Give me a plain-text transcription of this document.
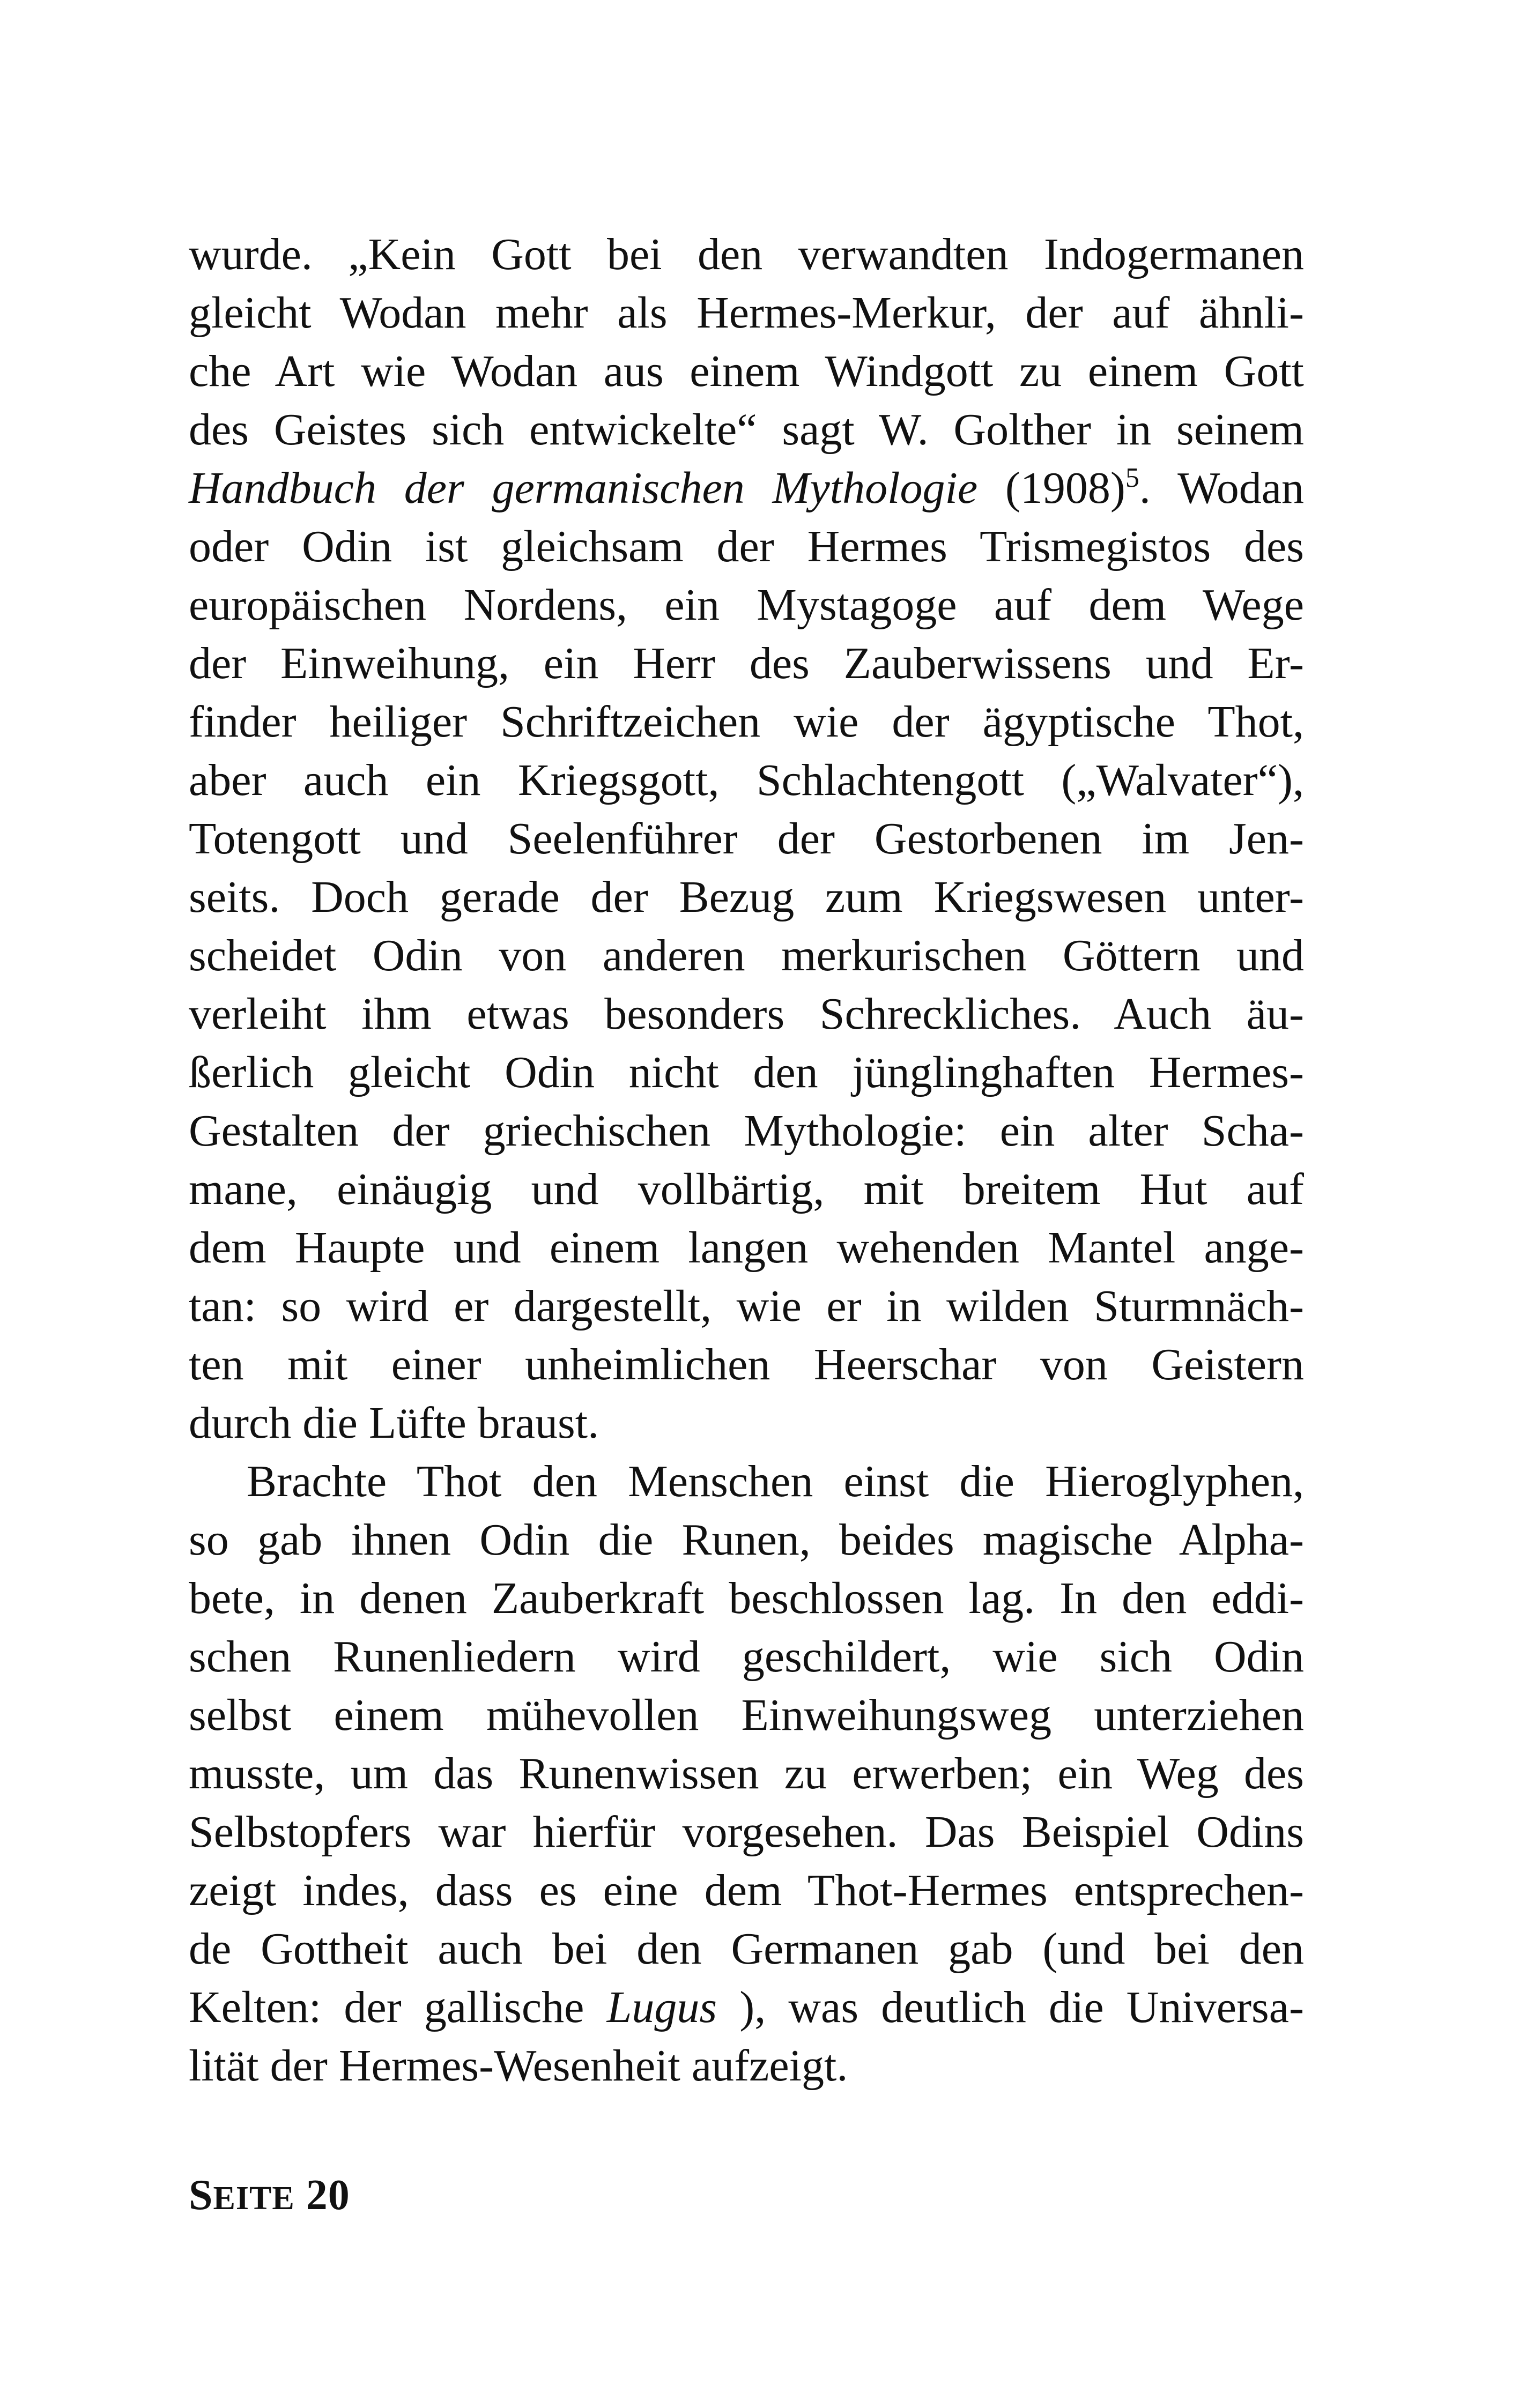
wurde. „Kein Gott bei den verwandten Indogermanen
gleicht Wodan mehr als Hermes-Merkur, der auf ähnli-
che Art wie Wodan aus einem Windgott zu einem Gott
des Geistes sich entwickelte“ sagt W. Golther in seinem
Handbuch der germanischen Mythologie $(1908)^5$. Wodan
oder Odin ist gleichsam der Hermes Trismegistos des
europäischen Nordens, ein Mystagoge auf dem Wege
der Einweihung, ein Herr des Zauberwissens und Er-
finder heiliger Schriftzeichen wie der ägyptische Thot,
aber auch ein Kriegsgott, Schlachtengott („Walvater“),
Totengott und Seelenführer der Gestorbenen im Jen-
seits. Doch gerade der Bezug zum Kriegswesen unter-
scheidet Odin von anderen merkurischen Göttern und
verleiht ihm etwas besonders Schreckliches. Auch äu-
ßerlich gleicht Odin nicht den jünglinghaften Hermes-
Gestalten der griechischen Mythologie: ein alter Scha-
mane, einäugig und vollbärtig, mit breitem Hut auf
dem Haupte und einem langen wehenden Mantel ange-
tan: so wird er dargestellt, wie er in wilden Sturmnäch-
ten mit einer unheimlichen Heerschar von Geistern
durch die Lüfte braust.
Brachte Thot den Menschen einst die Hieroglyphen,
so gab ihnen Odin die Runen, beides magische Alpha-
bete, in denen Zauberkraft beschlossen lag. In den eddi-
schen Runenliedern wird geschildert, wie sich Odin
selbst einem mühevollen Einweihungsweg unterziehen
musste, um das Runenwissen zu erwerben; ein Weg des
Selbstopfers war hierfür vorgesehen. Das Beispiel Odins
zeigt indes, dass es eine dem Thot-Hermes entsprechen-
de Gottheit auch bei den Germanen gab (und bei den
Kelten: der gallische Lugus ), was deutlich die Universa-
lität der Hermes-Wesenheit aufzeigt.
SEITE 20
